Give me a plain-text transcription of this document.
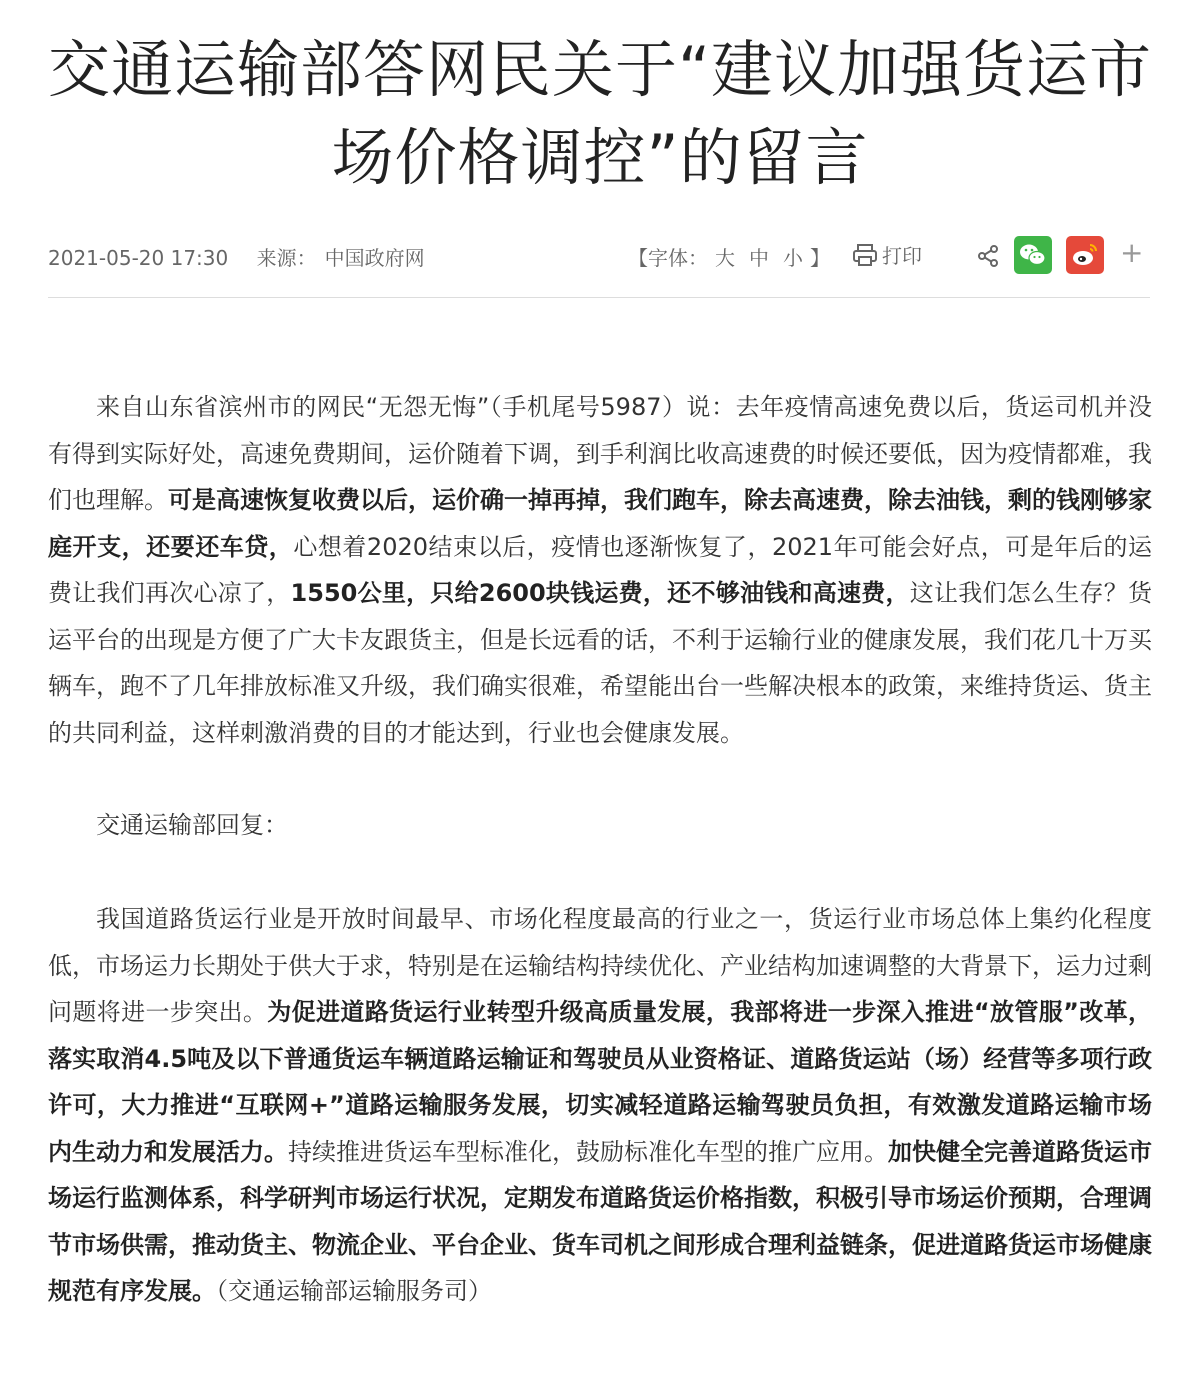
交通运输部答网民关于“建议加强货运市场价格调控”的留言
2021-05-20 17:30 来源： 中国政府网	【字体： 大 中 小 】	打印	+

来自山东省滨州市的网民“无怨无悔”（手机尾号5987）说：去年疫情高速免费以后，货运司机并没有得到实际好处，高速免费期间，运价随着下调，到手利润比收高速费的时候还要低，因为疫情都难，我们也理解。可是高速恢复收费以后，运价确一掉再掉，我们跑车，除去高速费，除去油钱，剩的钱刚够家庭开支，还要还车贷，心想着2020结束以后，疫情也逐渐恢复了，2021年可能会好点，可是年后的运费让我们再次心凉了，1550公里，只给2600块钱运费，还不够油钱和高速费，这让我们怎么生存？货运平台的出现是方便了广大卡友跟货主，但是长远看的话，不利于运输行业的健康发展，我们花几十万买辆车，跑不了几年排放标准又升级，我们确实很难，希望能出台一些解决根本的政策，来维持货运、货主的共同利益，这样刺激消费的目的才能达到，行业也会健康发展。

交通运输部回复：

我国道路货运行业是开放时间最早、市场化程度最高的行业之一，货运行业市场总体上集约化程度低，市场运力长期处于供大于求，特别是在运输结构持续优化、产业结构加速调整的大背景下，运力过剩问题将进一步突出。为促进道路货运行业转型升级高质量发展，我部将进一步深入推进“放管服”改革，落实取消4.5吨及以下普通货运车辆道路运输证和驾驶员从业资格证、道路货运站（场）经营等多项行政许可，大力推进“互联网+”道路运输服务发展，切实减轻道路运输驾驶员负担，有效激发道路运输市场内生动力和发展活力。持续推进货运车型标准化，鼓励标准化车型的推广应用。加快健全完善道路货运市场运行监测体系，科学研判市场运行状况，定期发布道路货运价格指数，积极引导市场运价预期，合理调节市场供需，推动货主、物流企业、平台企业、货车司机之间形成合理利益链条，促进道路货运市场健康规范有序发展。（交通运输部运输服务司）
